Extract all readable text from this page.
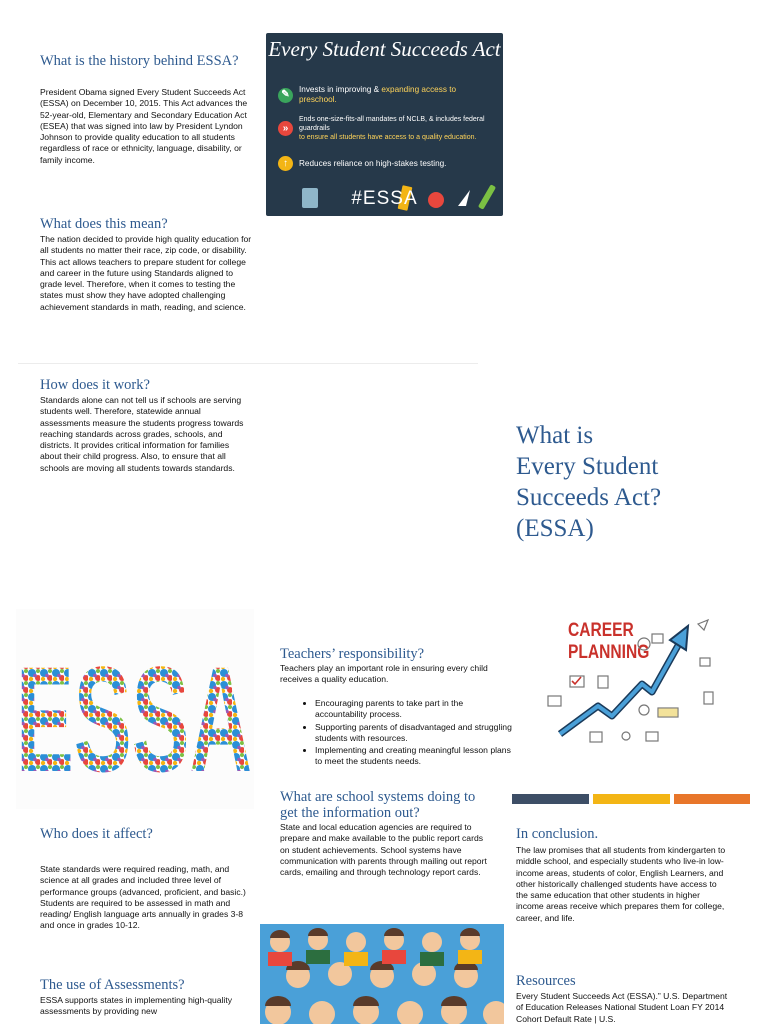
What is the history behind ESSA?

President Obama signed Every Student Succeeds Act (ESSA) on December 10, 2015. This Act advances the 52-year-old, Elementary and Secondary Education Act (ESEA) that was signed into law by President Lyndon Johnson to provide quality education to all students regardless of race or ethnicity, language, disability, or family income.

What does this mean?

The nation decided to provide high quality education for all students no matter their race, zip code, or disability. This act allows teachers to prepare student for college and career in the future using Standards aligned to grade level. Therefore, when it comes to testing the states must show they have adopted challenging achievement standards in math, reading, and science.

How does it work?

Standards alone can not tell us if schools are serving students well. Therefore, statewide annual assessments measure the students progress towards reaching standards across grades, schools, and districts. It provides critical information for families about their child progress. Also, to ensure that all schools are moving all students towards standards.

Every Student Succeeds Act
✎	Invests in improving & expanding access to preschool.
»
Ends one-size-fits-all mandates of NCLB, & includes federal guardrails
to ensure all students have access to a quality education.
↑	Reduces reliance on high-stakes testing.
#ESSA
What is
Every Student
Succeeds Act?
(ESSA)
ESSA Teachers’ responsibility?

Teachers play an important role in ensuring every child receives a quality education.

• Encouraging parents to take part in the accountability process.
• Supporting parents of disadvantaged and struggling students with resources.
• Implementing and creating meaningful lesson plans to meet the students needs.
What are school systems doing to get the information out?

State and local education agencies are required to prepare and make available to the public report cards on student achievements. School systems have communication with parents through mailing out report cards, emailing and through technology report cards.

CAREER
PLANNING
Who does it affect?

State standards were required reading, math, and science at all grades and included three level of performance groups (advanced, proficient, and basic.) Students are required to be assessed in math and reading/ English language arts annually in grades 3-8 and once in grades 10-12.

The use of Assessments?

ESSA supports states in implementing high-quality assessments by providing new

In conclusion.

The law promises that all students from kindergarten to middle school, and especially students who live-in low-income areas, students of color, English Learners, and other historically challenged students have access to the same education that other students in higher income areas receive which prepares them for college, career, and life.

Resources

Every Student Succeeds Act (ESSA).” U.S. Department of Education Releases National Student Loan FY 2014 Cohort Default Rate | U.S.
